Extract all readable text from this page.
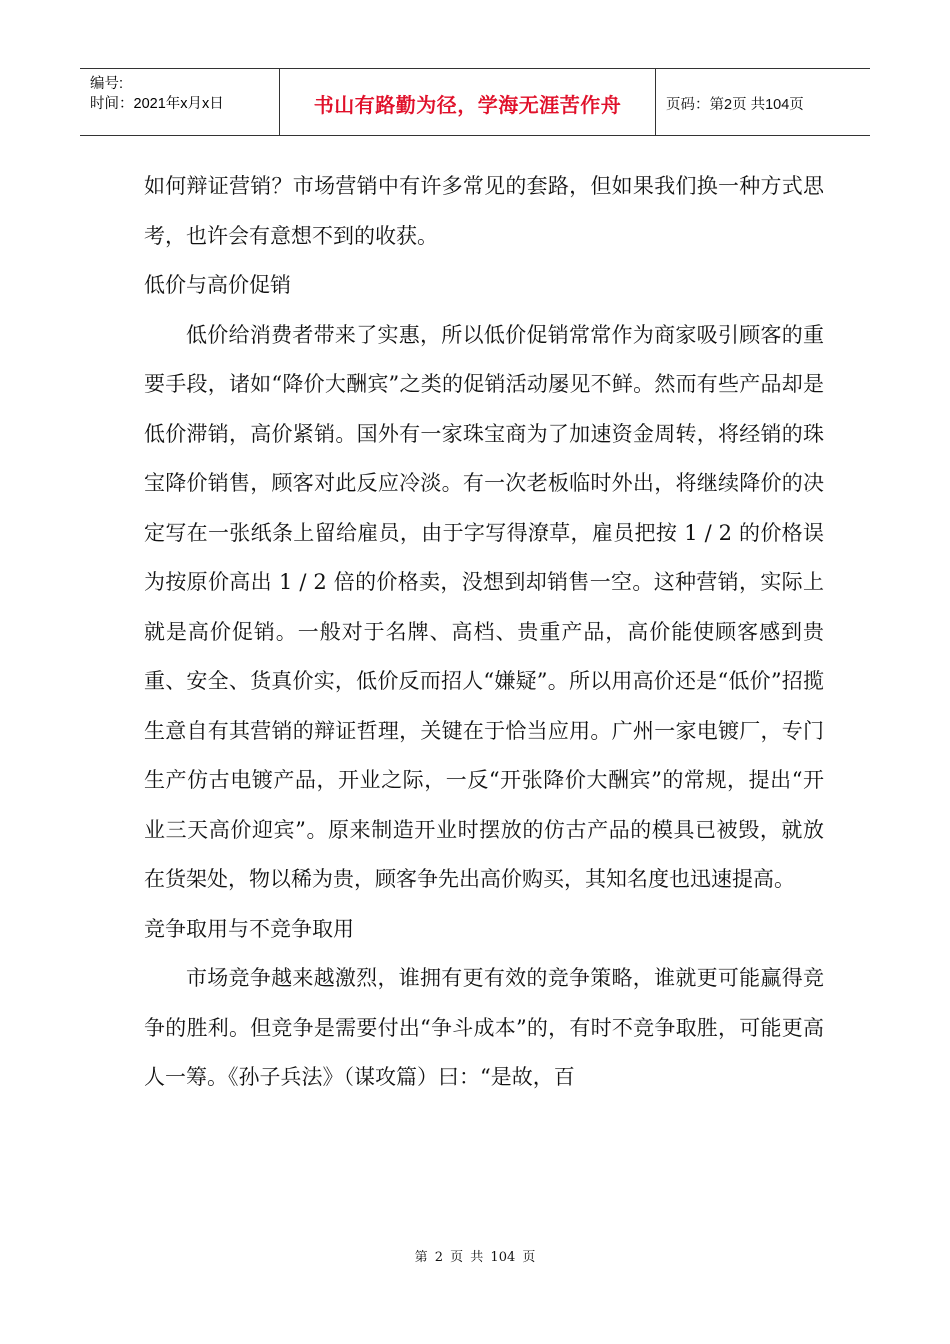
编号:
时间：2021年x月x日	书山有路勤为径，学海无涯苦作舟	页码：第2页 共104页

如何辩证营销？市场营销中有许多常见的套路，但如果我们换一种方式思考，也许会有意想不到的收获。

低价与高价促销

低价给消费者带来了实惠，所以低价促销常常作为商家吸引顾客的重要手段，诸如“降价大酬宾”之类的促销活动屡见不鲜。然而有些产品却是低价滞销，高价紧销。国外有一家珠宝商为了加速资金周转，将经销的珠宝降价销售，顾客对此反应冷淡。有一次老板临时外出，将继续降价的决定写在一张纸条上留给雇员，由于字写得潦草，雇员把按 1 / 2 的价格误为按原价高出 1 / 2 倍的价格卖，没想到却销售一空。这种营销，实际上就是高价促销。一般对于名牌、高档、贵重产品，高价能使顾客感到贵重、安全、货真价实，低价反而招人“嫌疑”。所以用高价还是“低价”招揽生意自有其营销的辩证哲理，关键在于恰当应用。广州一家电镀厂，专门生产仿古电镀产品，开业之际，一反“开张降价大酬宾”的常规，提出“开业三天高价迎宾”。原来制造开业时摆放的仿古产品的模具已被毁，就放在货架处，物以稀为贵，顾客争先出高价购买，其知名度也迅速提高。

竞争取用与不竞争取用

市场竞争越来越激烈，谁拥有更有效的竞争策略，谁就更可能赢得竞争的胜利。但竞争是需要付出“争斗成本”的，有时不竞争取胜，可能更高人一筹。《孙子兵法》（谋攻篇）曰：“是故，百

第 2 页 共 104 页
